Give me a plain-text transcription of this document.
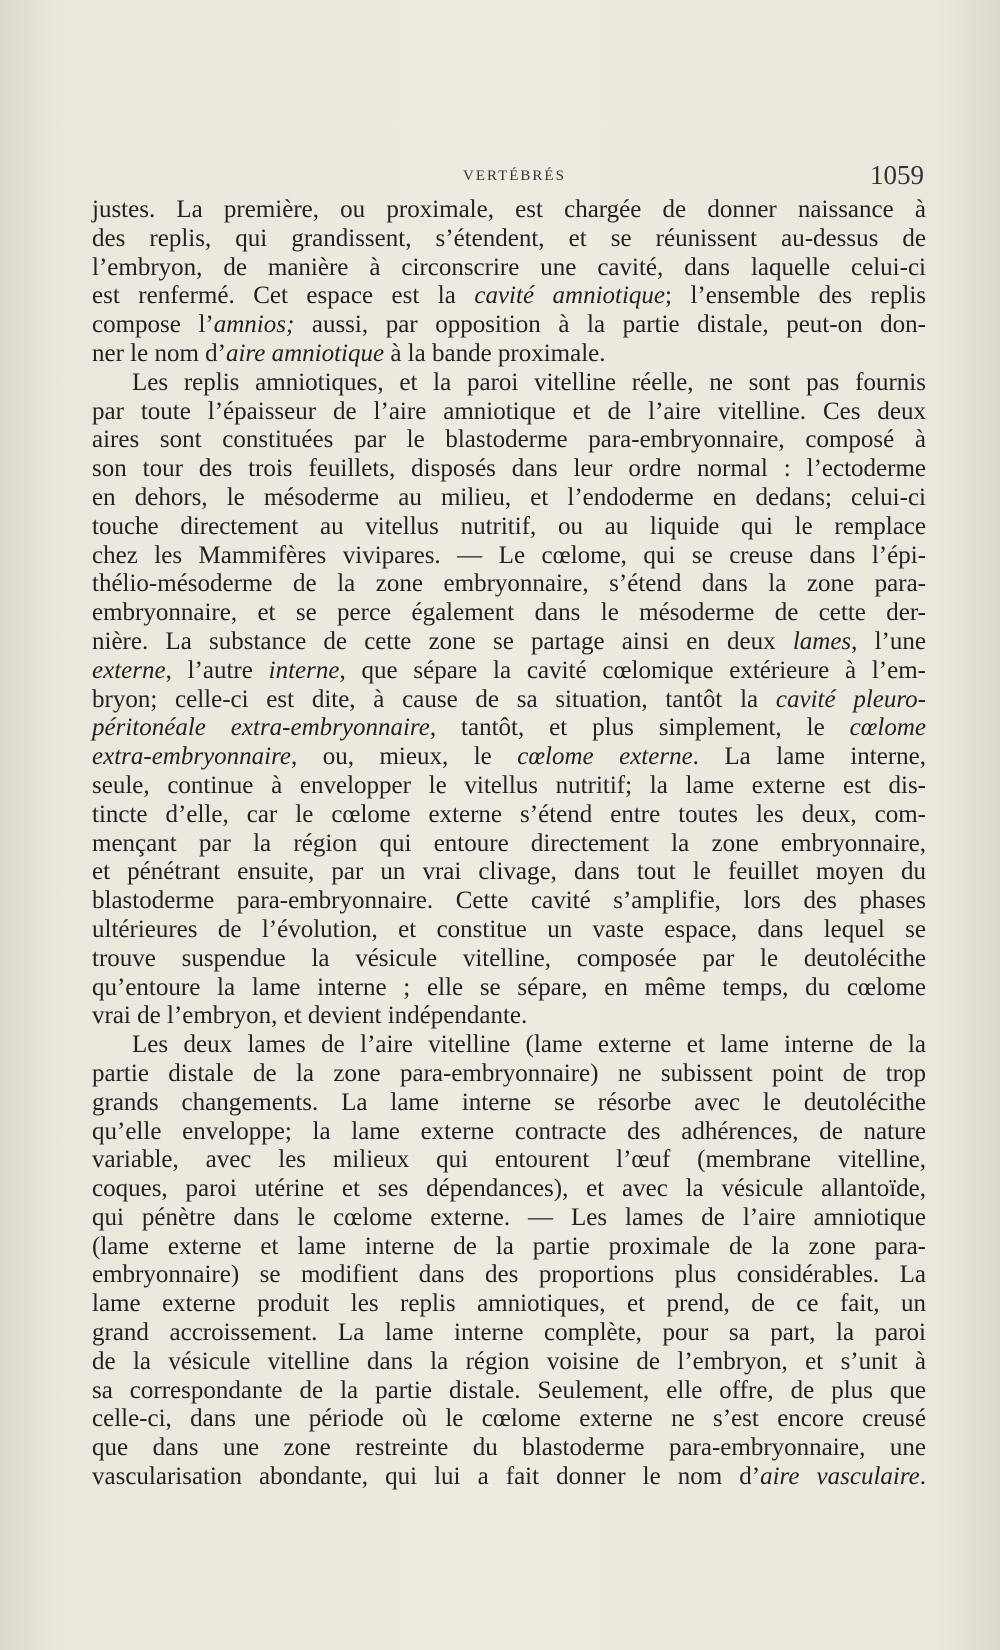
VERTÉBRÉS	1059
justes. La première, ou proximale, est chargée de donner naissance à
des replis, qui grandissent, s’étendent, et se réunissent au-dessus de
l’embryon, de manière à circonscrire une cavité, dans laquelle celui-ci
est renfermé. Cet espace est la cavité amniotique; l’ensemble des replis
compose l’amnios; aussi, par opposition à la partie distale, peut-on don-
ner le nom d’aire amniotique à la bande proximale.
Les replis amniotiques, et la paroi vitelline réelle, ne sont pas fournis
par toute l’épaisseur de l’aire amniotique et de l’aire vitelline. Ces deux
aires sont constituées par le blastoderme para-embryonnaire, composé à
son tour des trois feuillets, disposés dans leur ordre normal : l’ectoderme
en dehors, le mésoderme au milieu, et l’endoderme en dedans; celui-ci
touche directement au vitellus nutritif, ou au liquide qui le remplace
chez les Mammifères vivipares. — Le cœlome, qui se creuse dans l’épi-
thélio-mésoderme de la zone embryonnaire, s’étend dans la zone para-
embryonnaire, et se perce également dans le mésoderme de cette der-
nière. La substance de cette zone se partage ainsi en deux lames, l’une
externe, l’autre interne, que sépare la cavité cœlomique extérieure à l’em-
bryon; celle-ci est dite, à cause de sa situation, tantôt la cavité pleuro-
péritonéale extra-embryonnaire, tantôt, et plus simplement, le cœlome
extra-embryonnaire, ou, mieux, le cœlome externe. La lame interne,
seule, continue à envelopper le vitellus nutritif; la lame externe est dis-
tincte d’elle, car le cœlome externe s’étend entre toutes les deux, com-
mençant par la région qui entoure directement la zone embryonnaire,
et pénétrant ensuite, par un vrai clivage, dans tout le feuillet moyen du
blastoderme para-embryonnaire. Cette cavité s’amplifie, lors des phases
ultérieures de l’évolution, et constitue un vaste espace, dans lequel se
trouve suspendue la vésicule vitelline, composée par le deutolécithe
qu’entoure la lame interne ; elle se sépare, en même temps, du cœlome
vrai de l’embryon, et devient indépendante.
Les deux lames de l’aire vitelline (lame externe et lame interne de la
partie distale de la zone para-embryonnaire) ne subissent point de trop
grands changements. La lame interne se résorbe avec le deutolécithe
qu’elle enveloppe; la lame externe contracte des adhérences, de nature
variable, avec les milieux qui entourent l’œuf (membrane vitelline,
coques, paroi utérine et ses dépendances), et avec la vésicule allantoïde,
qui pénètre dans le cœlome externe. — Les lames de l’aire amniotique
(lame externe et lame interne de la partie proximale de la zone para-
embryonnaire) se modifient dans des proportions plus considérables. La
lame externe produit les replis amniotiques, et prend, de ce fait, un
grand accroissement. La lame interne complète, pour sa part, la paroi
de la vésicule vitelline dans la région voisine de l’embryon, et s’unit à
sa correspondante de la partie distale. Seulement, elle offre, de plus que
celle-ci, dans une période où le cœlome externe ne s’est encore creusé
que dans une zone restreinte du blastoderme para-embryonnaire, une
vascularisation abondante, qui lui a fait donner le nom d’aire vasculaire.
